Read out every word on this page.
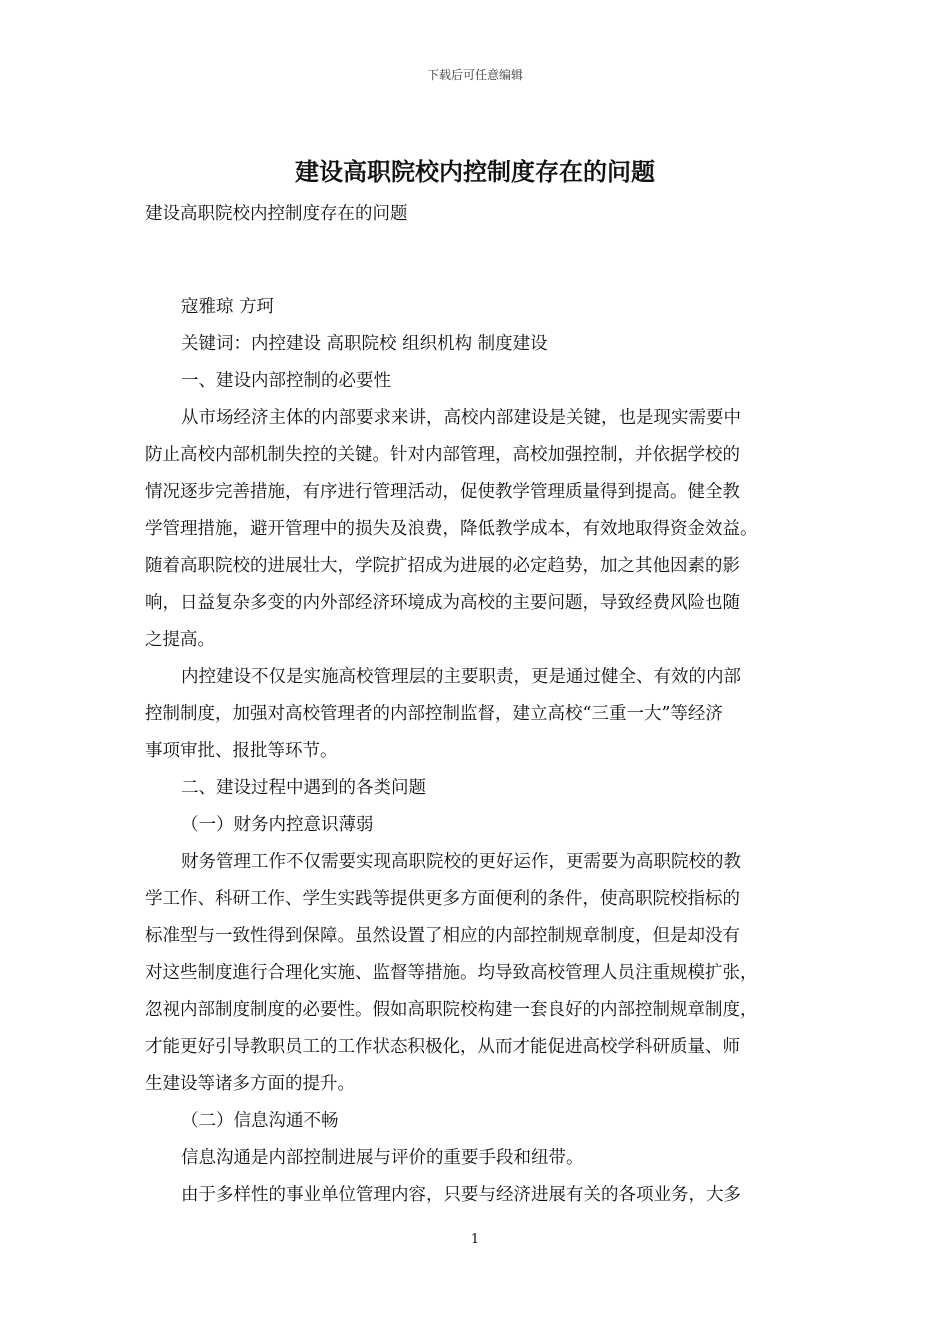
下载后可任意编辑
建设高职院校内控制度存在的问题

建设高职院校内控制度存在的问题

寇雅琼 方珂

关键词：内控建设 高职院校 组织机构 制度建设

一、建设内部控制的必要性

从市场经济主体的内部要求来讲，高校内部建设是关键，也是现实需要中

防止高校内部机制失控的关键。针对内部管理，高校加强控制，并依据学校的

情况逐步完善措施，有序进行管理活动，促使教学管理质量得到提高。健全教

学管理措施，避开管理中的损失及浪费，降低教学成本，有效地取得资金效益。

随着高职院校的进展壮大，学院扩招成为进展的必定趋势，加之其他因素的影

响，日益复杂多变的内外部经济环境成为高校的主要问题，导致经费风险也随

之提高。

内控建设不仅是实施高校管理层的主要职责，更是通过健全、有效的内部

控制制度，加强对高校管理者的内部控制监督，建立高校“三重一大”等经济

事项审批、报批等环节。

二、建设过程中遇到的各类问题

（一）财务内控意识薄弱

财务管理工作不仅需要实现高职院校的更好运作，更需要为高职院校的教

学工作、科研工作、学生实践等提供更多方面便利的条件，使高职院校指标的

标准型与一致性得到保障。虽然设置了相应的内部控制规章制度，但是却没有

对这些制度進行合理化实施、监督等措施。均导致高校管理人员注重规模扩张，

忽视内部制度制度的必要性。假如高职院校构建一套良好的内部控制规章制度，

才能更好引导教职员工的工作状态积极化，从而才能促进高校学科研质量、师

生建设等诸多方面的提升。

（二）信息沟通不畅

信息沟通是内部控制进展与评价的重要手段和纽带。

由于多样性的事业单位管理内容，只要与经济进展有关的各项业务，大多

1
